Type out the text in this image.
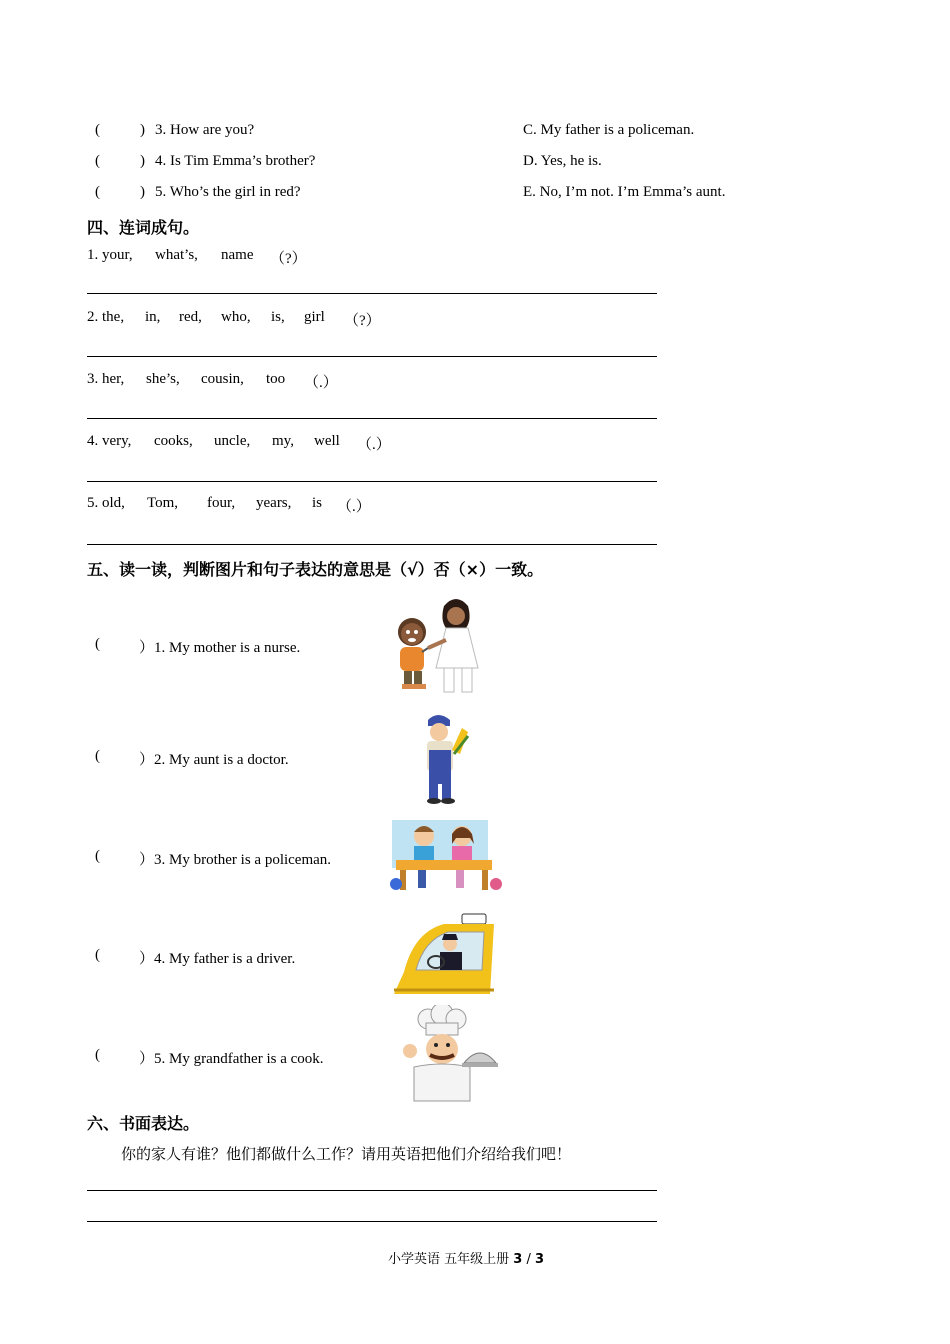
(	) 3. How are you?	C. My father is a policeman.
(	) 4. Is Tim Emma’s brother?	D. Yes, he is.
(	) 5. Who’s the girl in red?	E. No, I’m not. I’m Emma’s aunt.
四、连词成句。
1. your, what’s, name （?）
2. the, in, red, who, is, girl （?）
3. her, she’s, cousin, too （.）
4. very, cooks, uncle, my, well （.）
5. old, Tom, four, years, is （.）
五、读一读，判断图片和句子表达的意思是（√）否（×）一致。
(	）1. My mother is a nurse.
(	）2. My aunt is a doctor.
(	）3. My brother is a policeman.
(	）4. My father is a driver.
(	）5. My grandfather is a cook.
六、书面表达。
你的家人有谁？他们都做什么工作？请用英语把他们介绍给我们吧！
小学英语 五年级上册 3 / 3
